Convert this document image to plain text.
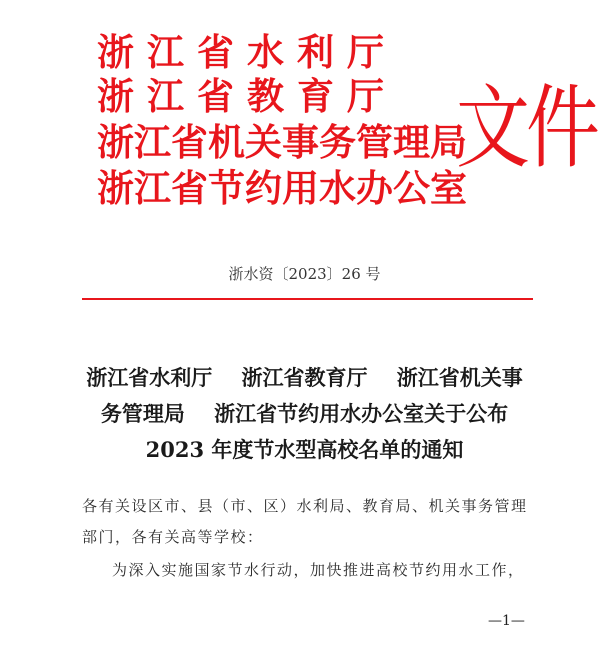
浙江省水利厅
浙江省教育厅
浙江省机关事务管理局
浙江省节约用水办公室
文件
浙水资〔2023〕26 号
浙江省水利厅    浙江省教育厅    浙江省机关事
务管理局    浙江省节约用水办公室关于公布
2023 年度节水型高校名单的通知
各有关设区市、县（市、区）水利局、教育局、机关事务管理
部门，各有关高等学校：
为深入实施国家节水行动，加快推进高校节约用水工作，
—1—
